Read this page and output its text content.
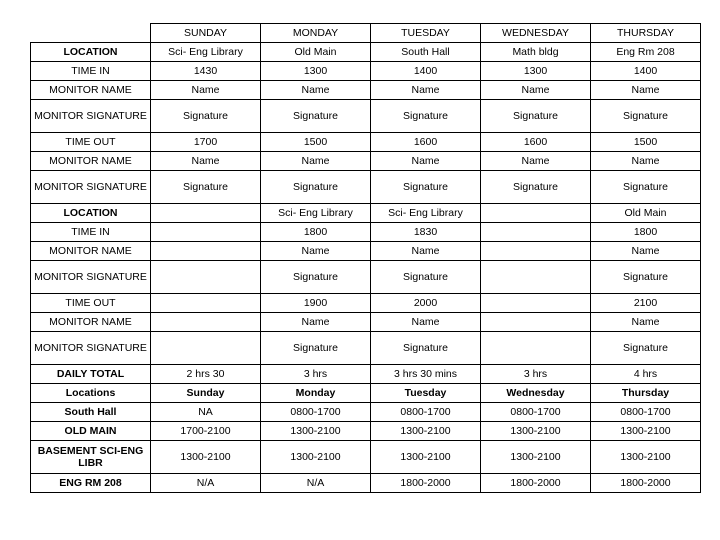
	SUNDAY	MONDAY	TUESDAY	WEDNESDAY	THURSDAY
LOCATION	Sci- Eng Library	Old Main	South Hall	Math bldg	Eng Rm 208
TIME IN	1430	1300	1400	1300	1400
MONITOR NAME	Name	Name	Name	Name	Name
MONITOR SIGNATURE	Signature	Signature	Signature	Signature	Signature
TIME OUT	1700	1500	1600	1600	1500
MONITOR NAME	Name	Name	Name	Name	Name
MONITOR SIGNATURE	Signature	Signature	Signature	Signature	Signature
LOCATION		Sci- Eng Library	Sci- Eng Library		Old Main
TIME IN		1800	1830		1800
MONITOR NAME		Name	Name		Name
MONITOR SIGNATURE		Signature	Signature		Signature
TIME OUT		1900	2000		2100
MONITOR NAME		Name	Name		Name
MONITOR SIGNATURE		Signature	Signature		Signature
DAILY TOTAL	2 hrs 30	3 hrs	3 hrs 30 mins	3 hrs	4 hrs
Locations	Sunday	Monday	Tuesday	Wednesday	Thursday
South Hall	NA	0800-1700	0800-1700	0800-1700	0800-1700
OLD MAIN	1700-2100	1300-2100	1300-2100	1300-2100	1300-2100
BASEMENT SCI-ENG LIBR	1300-2100	1300-2100	1300-2100	1300-2100	1300-2100
ENG RM 208	N/A	N/A	1800-2000	1800-2000	1800-2000
